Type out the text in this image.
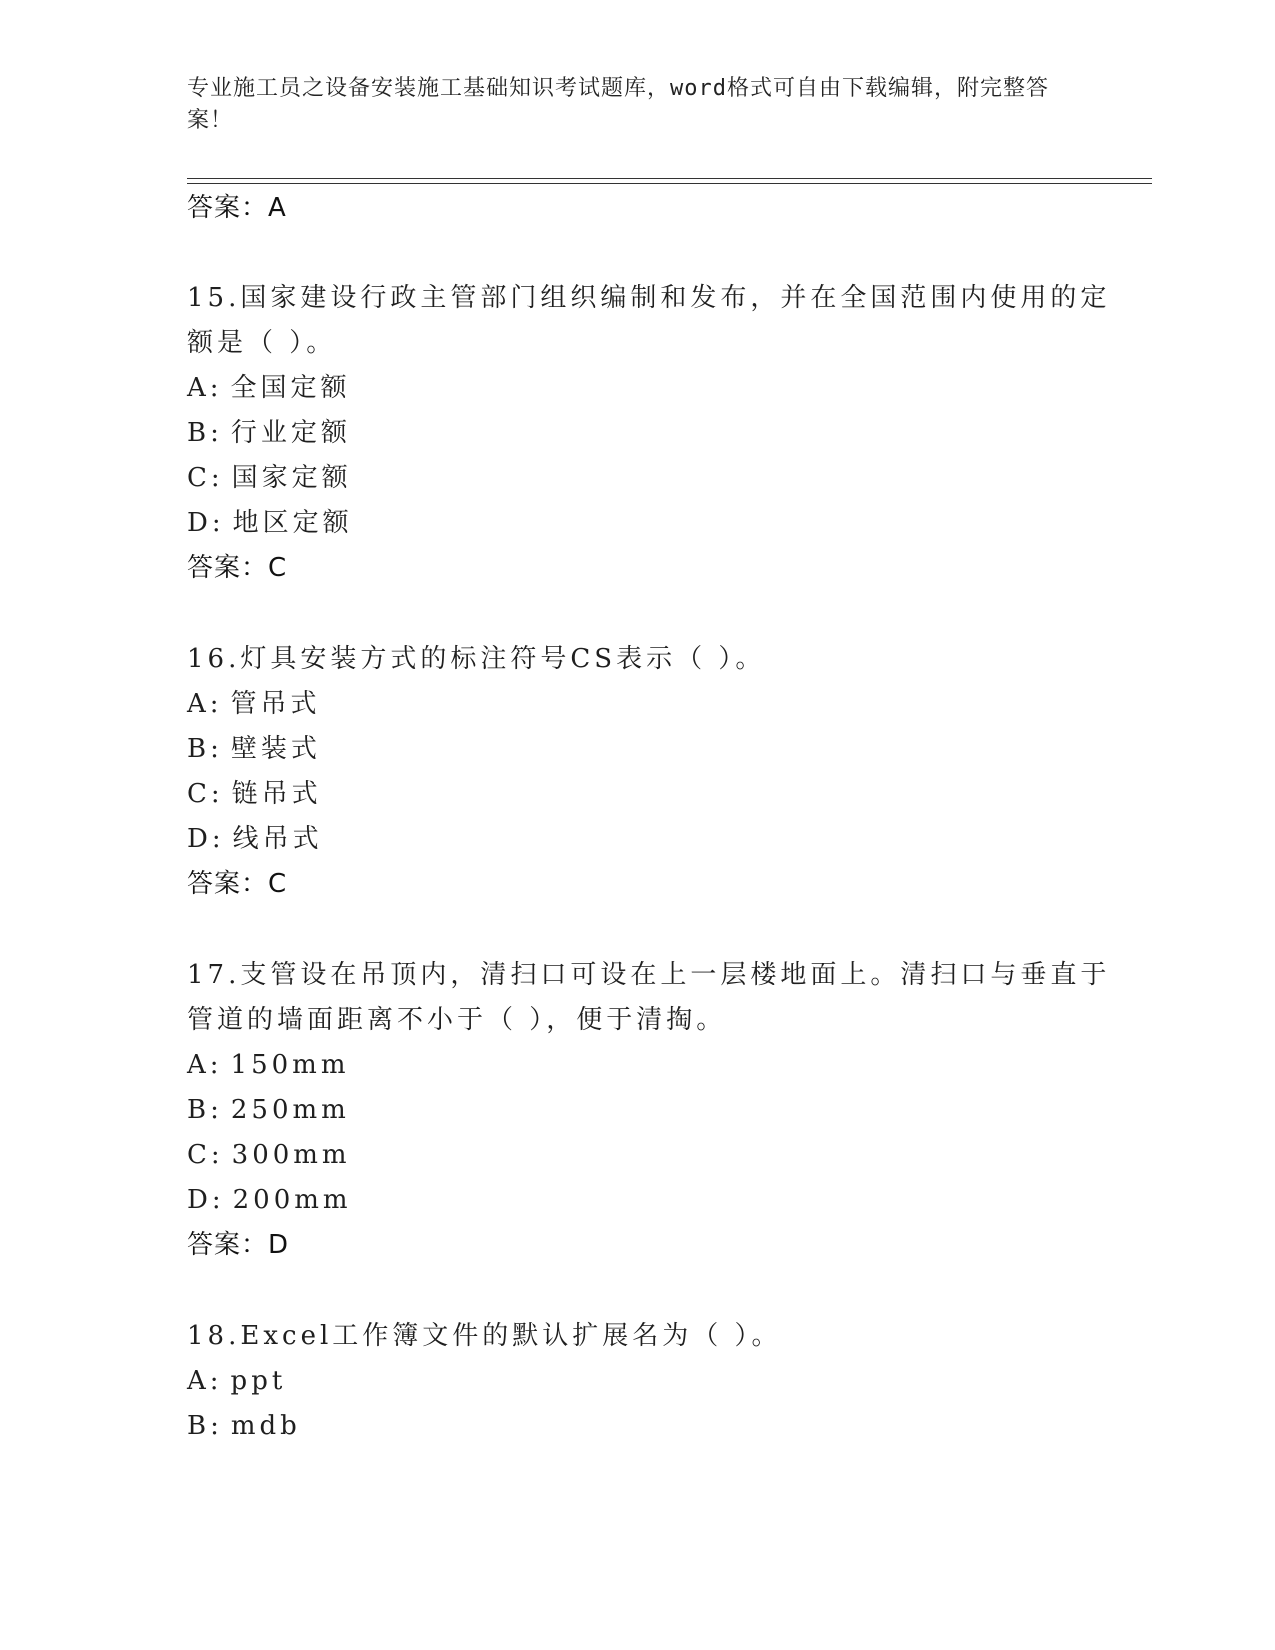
专业施工员之设备安装施工基础知识考试题库，word格式可自由下载编辑，附完整答案！
答案：A
15.国家建设行政主管部门组织编制和发布，并在全国范围内使用的定
额是（ ）。
A: 全国定额
B: 行业定额
C: 国家定额
D: 地区定额
答案：C
16.灯具安装方式的标注符号CS表示（ ）。
A: 管吊式
B: 壁装式
C: 链吊式
D: 线吊式
答案：C
17.支管设在吊顶内，清扫口可设在上一层楼地面上。清扫口与垂直于
管道的墙面距离不小于（ ），便于清掏。
A: 150mm
B: 250mm
C: 300mm
D: 200mm
答案：D
18.Excel工作簿文件的默认扩展名为（ ）。
A: ppt
B: mdb
